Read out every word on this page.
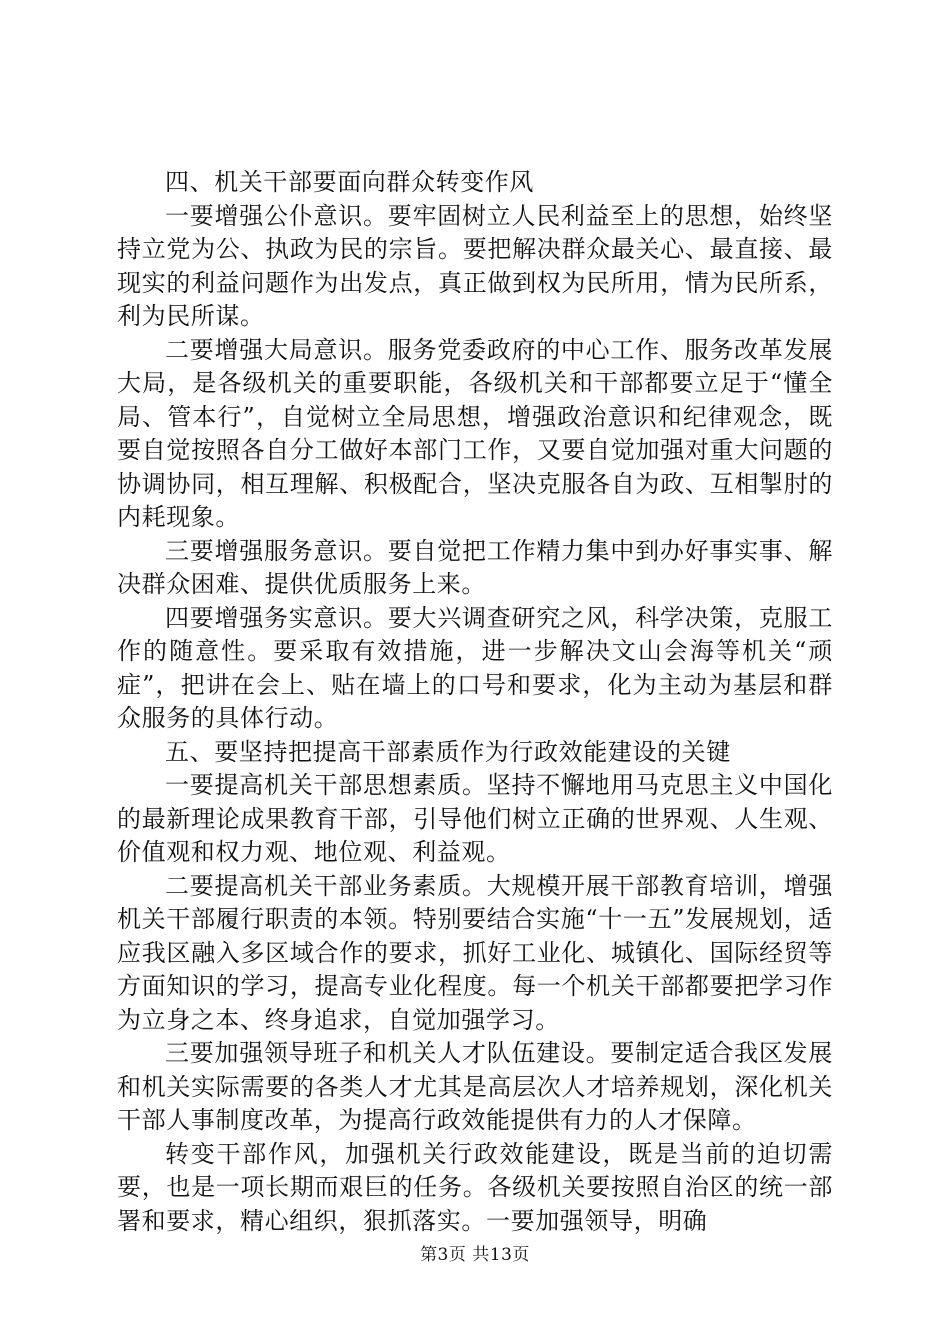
四、机关干部要面向群众转变作风

一要增强公仆意识。要牢固树立人民利益至上的思想，始终坚持立党为公、执政为民的宗旨。要把解决群众最关心、最直接、最现实的利益问题作为出发点，真正做到权为民所用，情为民所系，利为民所谋。

二要增强大局意识。服务党委政府的中心工作、服务改革发展大局，是各级机关的重要职能，各级机关和干部都要立足于“懂全局、管本行”，自觉树立全局思想，增强政治意识和纪律观念，既要自觉按照各自分工做好本部门工作，又要自觉加强对重大问题的协调协同，相互理解、积极配合，坚决克服各自为政、互相掣肘的内耗现象。

三要增强服务意识。要自觉把工作精力集中到办好事实事、解决群众困难、提供优质服务上来。

四要增强务实意识。要大兴调查研究之风，科学决策，克服工作的随意性。要采取有效措施，进一步解决文山会海等机关“顽症”，把讲在会上、贴在墙上的口号和要求，化为主动为基层和群众服务的具体行动。

五、要坚持把提高干部素质作为行政效能建设的关键

一要提高机关干部思想素质。坚持不懈地用马克思主义中国化的最新理论成果教育干部，引导他们树立正确的世界观、人生观、价值观和权力观、地位观、利益观。

二要提高机关干部业务素质。大规模开展干部教育培训，增强机关干部履行职责的本领。特别要结合实施“十一五”发展规划，适应我区融入多区域合作的要求，抓好工业化、城镇化、国际经贸等方面知识的学习，提高专业化程度。每一个机关干部都要把学习作为立身之本、终身追求，自觉加强学习。

三要加强领导班子和机关人才队伍建设。要制定适合我区发展和机关实际需要的各类人才尤其是高层次人才培养规划，深化机关干部人事制度改革，为提高行政效能提供有力的人才保障。

转变干部作风，加强机关行政效能建设，既是当前的迫切需要，也是一项长期而艰巨的任务。各级机关要按照自治区的统一部署和要求，精心组织，狠抓落实。一要加强领导，明确

第3页 共13页
